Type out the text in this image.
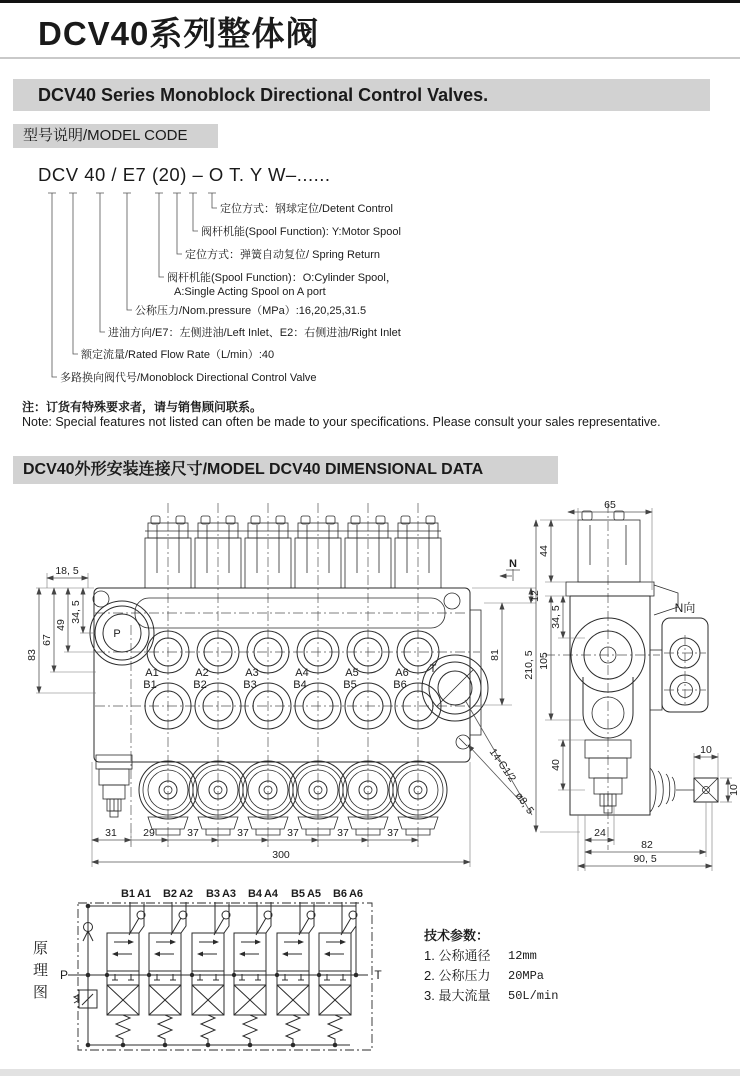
DCV40系列整体阀
DCV40 Series Monoblock Directional Control Valves.
型号说明/MODEL CODE
DCV 40 / E7 (20) – O T. Y W–......
定位方式：钢球定位/Detent Control
阀杆机能(Spool Function): Y:Motor Spool
定位方式：弹簧自动复位/ Spring Return
阀杆机能(Spool Function)：O:Cylinder Spool，
A:Single Acting Spool on A port
公称压力/Nom.pressure（MPa）:16,20,25,31.5
进油方向/E7：左侧进油/Left Inlet、E2：右侧进油/Right Inlet
额定流量/Rated Flow Rate（L/min）:40
多路换向阀代号/Monoblock Directional Control Valve
注：订货有特殊要求者，请与销售顾问联系。
Note: Special features not listed can often be made to your specifications. Please consult your sales representative.
DCV40外形安装连接尺寸/MODEL DCV40 DIMENSIONAL DATA
A1	A2	A3	A4	A5	A6
B1	B2	B3	B4	B5	B6
P
T
N
18, 5
34, 5
49
67
83
12
81
14-G1/2
ø8, 5
31	29	37	37	37	37	37
300
N向
65
44
34, 5
105
210, 5
40
10
10
24
82
90, 5
B1 A1 B2 A2 B3 A3 B4 A4 B5 A5 B6 A6
P	T
原
理
图
技术参数：
1. 公称通径	12mm
2. 公称压力	20MPa
3. 最大流量	50L/min
